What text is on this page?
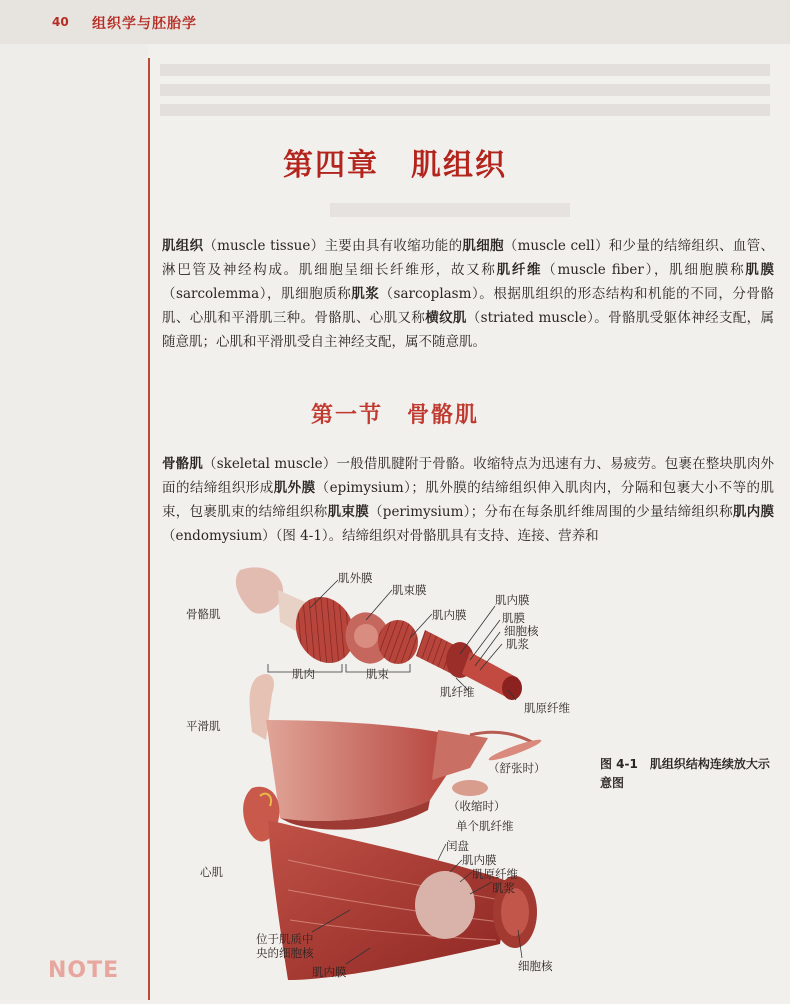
40 组织学与胚胎学
第四章　肌组织

肌组织（muscle tissue）主要由具有收缩功能的肌细胞（muscle cell）和少量的结缔组织、血管、淋巴管及神经构成。肌细胞呈细长纤维形，故又称肌纤维（muscle fiber），肌细胞膜称肌膜（sarcolemma），肌细胞质称肌浆（sarcoplasm）。根据肌组织的形态结构和机能的不同，分骨骼肌、心肌和平滑肌三种。骨骼肌、心肌又称横纹肌（striated muscle）。骨骼肌受躯体神经支配，属随意肌；心肌和平滑肌受自主神经支配，属不随意肌。

第一节　骨骼肌

骨骼肌（skeletal muscle）一般借肌腱附于骨骼。收缩特点为迅速有力、易疲劳。包裹在整块肌肉外面的结缔组织形成肌外膜（epimysium）；肌外膜的结缔组织伸入肌肉内，分隔和包裹大小不等的肌束，包裹肌束的结缔组织称肌束膜（perimysium）；分布在每条肌纤维周围的少量结缔组织称肌内膜（endomysium）（图 4-1）。结缔组织对骨骼肌具有支持、连接、营养和

骨骼肌
肌外膜
肌束膜
肌内膜
肌内膜
肌膜
细胞核
肌浆
肌肉	肌束
肌纤维
肌原纤维
平滑肌
（舒张时）
（收缩时）
单个肌纤维
心肌
闰盘
肌内膜
肌原纤维
肌浆
位于肌质中
央的细胞核
肌内膜	细胞核
图 4-1　肌组织结构连续放大示意图
NOTE
